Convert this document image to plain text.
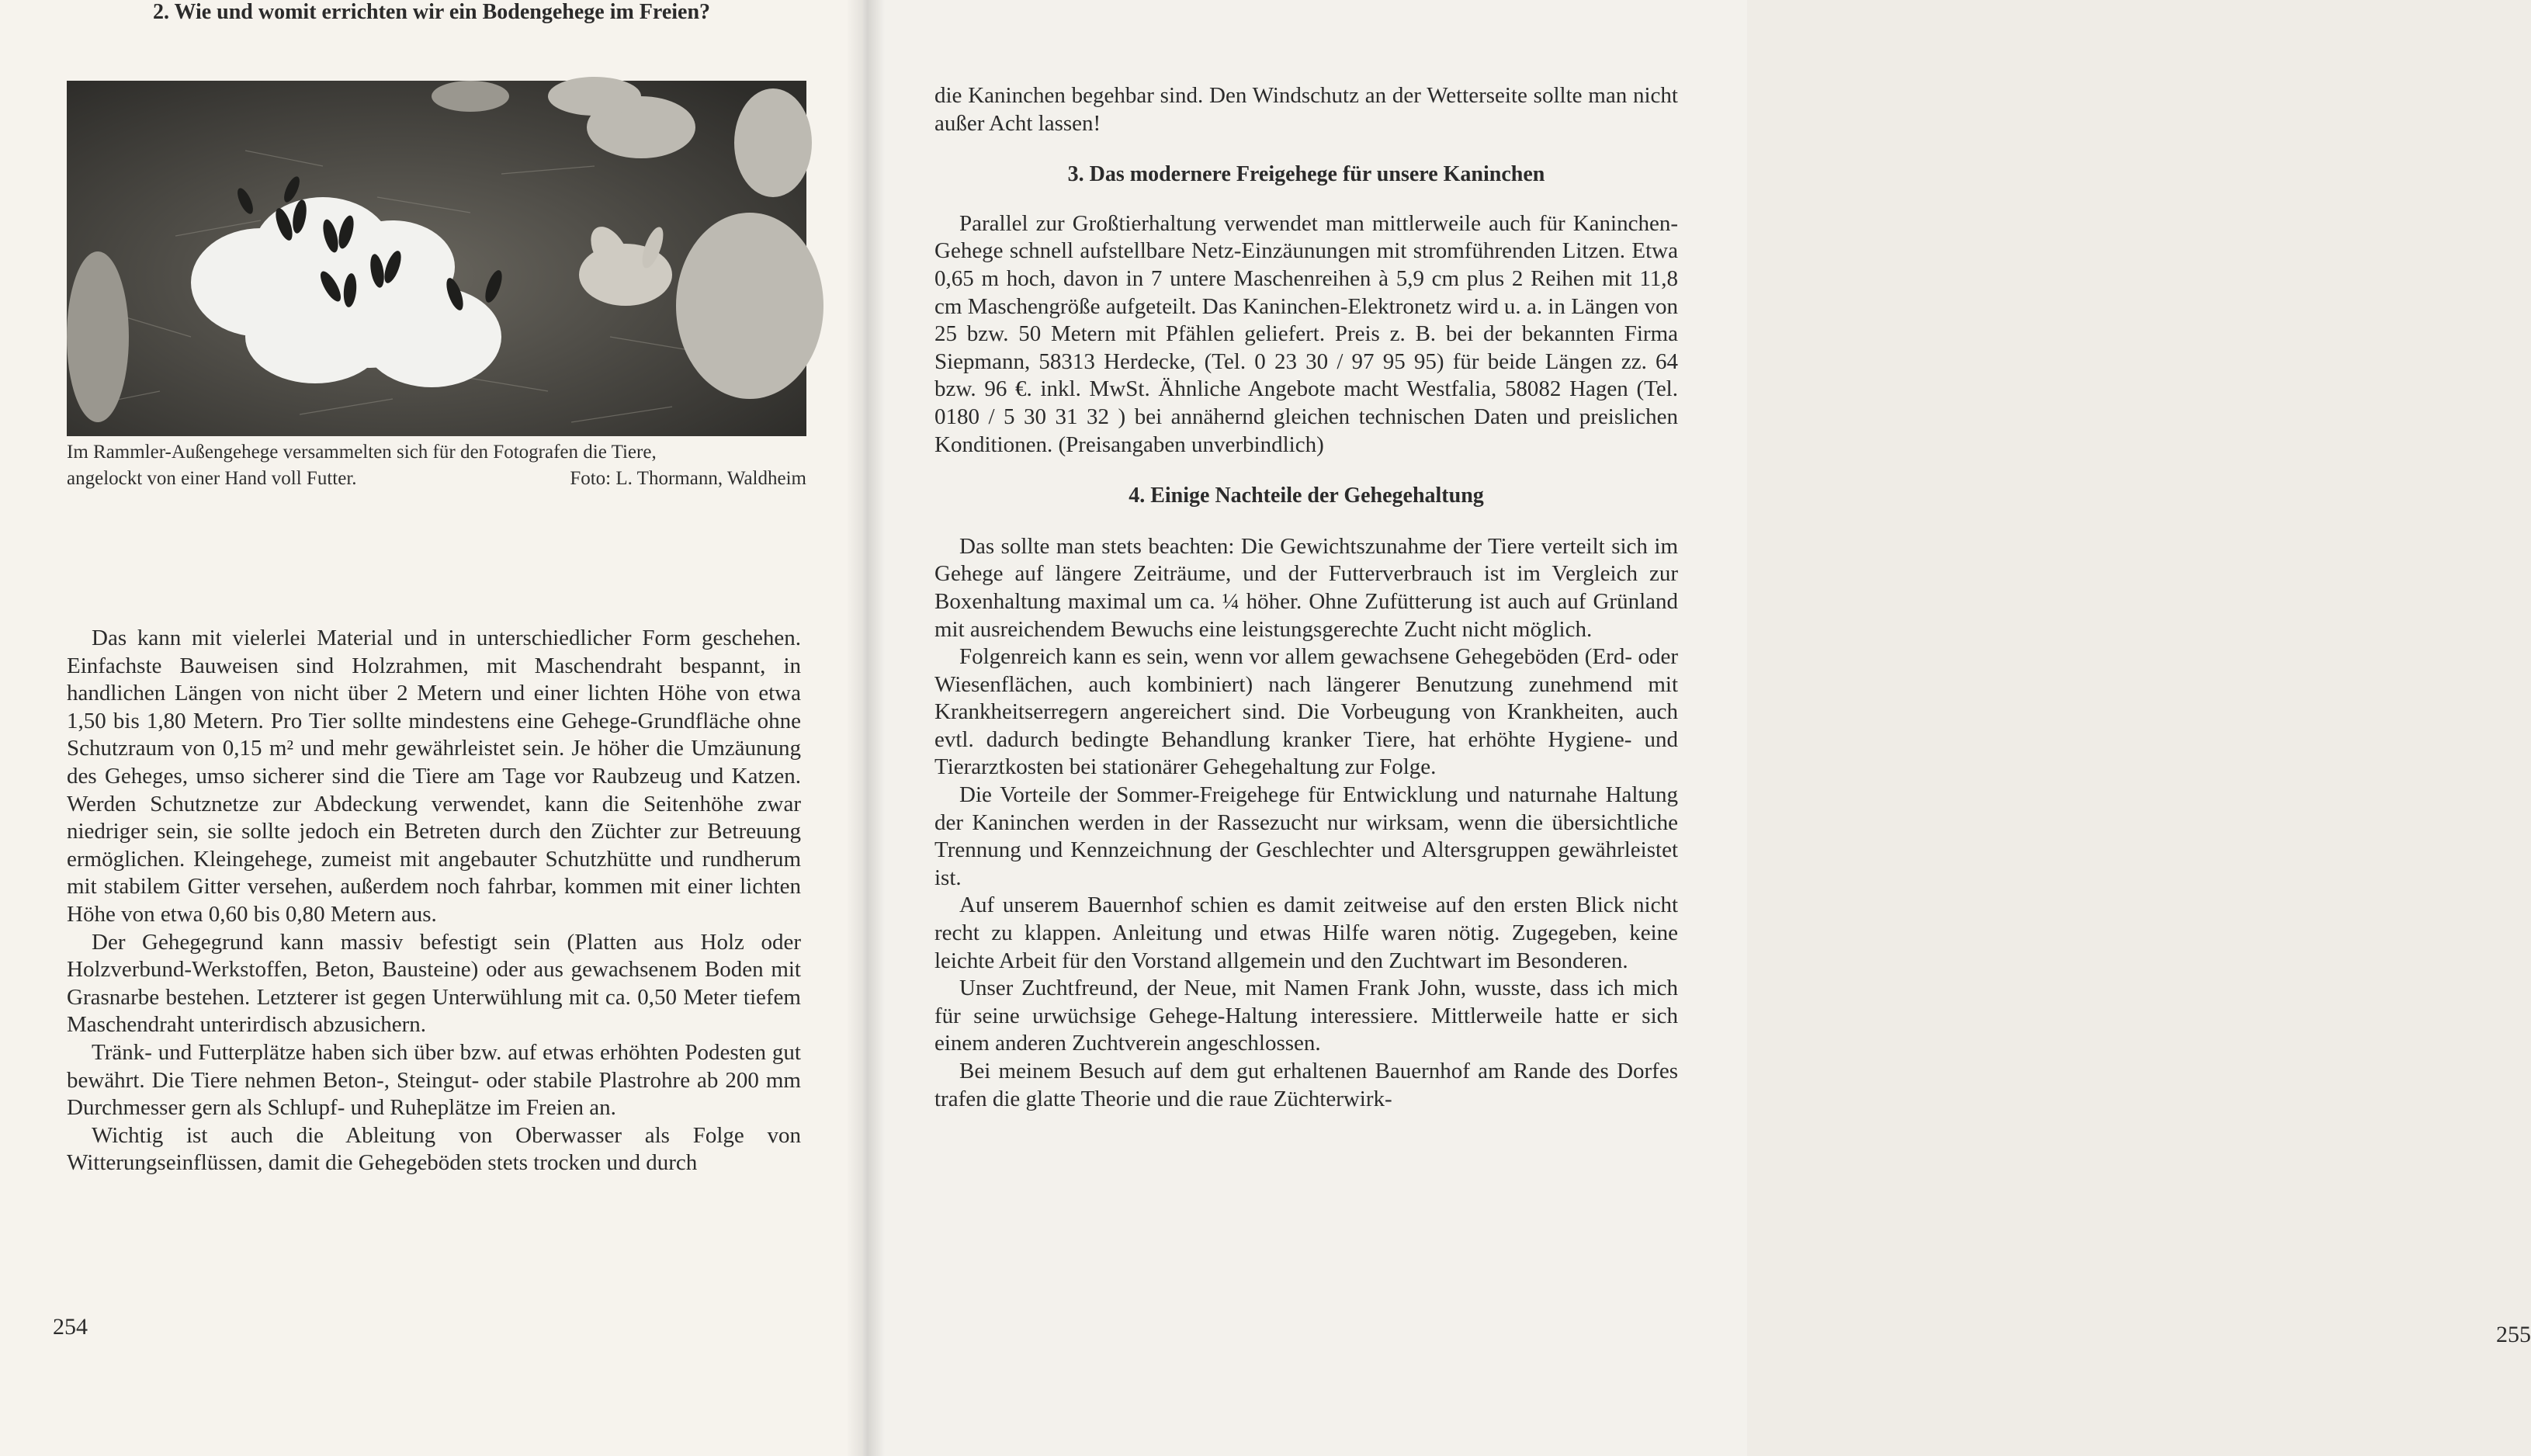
Im Rammler-Außengehege versammelten sich für den Fotografen die Tiere,
angelockt von einer Hand voll Futter.	Foto: L. Thormann, Waldheim
2. Wie und womit errichten wir ein Bodengehege im Freien?

Das kann mit vielerlei Material und in unterschiedlicher Form geschehen. Einfachste Bauweisen sind Holzrahmen, mit Maschendraht bespannt, in handlichen Längen von nicht über 2 Metern und einer lichten Höhe von etwa 1,50 bis 1,80 Metern. Pro Tier sollte mindestens eine Gehege-Grundfläche ohne Schutzraum von 0,15 m² und mehr gewährleistet sein. Je höher die Umzäunung des Geheges, umso sicherer sind die Tiere am Tage vor Raubzeug und Katzen. Werden Schutznetze zur Abdeckung verwendet, kann die Seitenhöhe zwar niedriger sein, sie sollte jedoch ein Betreten durch den Züchter zur Betreuung ermöglichen. Kleingehege, zumeist mit angebauter Schutzhütte und rundherum mit stabilem Gitter versehen, außerdem noch fahrbar, kommen mit einer lichten Höhe von etwa 0,60 bis 0,80 Metern aus.

Der Gehegegrund kann massiv befestigt sein (Platten aus Holz oder Holzverbund-Werkstoffen, Beton, Bausteine) oder aus gewachsenem Boden mit Grasnarbe bestehen. Letzterer ist gegen Unterwühlung mit ca. 0,50 Meter tiefem Maschendraht unterirdisch abzusichern.

Tränk- und Futterplätze haben sich über bzw. auf etwas erhöhten Podesten gut bewährt. Die Tiere nehmen Beton-, Steingut- oder stabile Plastrohre ab 200 mm Durchmesser gern als Schlupf- und Ruheplätze im Freien an.

Wichtig ist auch die Ableitung von Oberwasser als Folge von Witterungseinflüssen, damit die Gehegeböden stets trocken und durch

254	255

die Kaninchen begehbar sind. Den Windschutz an der Wetterseite sollte man nicht außer Acht lassen!

3. Das modernere Freigehege für unsere Kaninchen

Parallel zur Großtierhaltung verwendet man mittlerweile auch für Kaninchen-Gehege schnell aufstellbare Netz-Einzäunungen mit stromführenden Litzen. Etwa 0,65 m hoch, davon in 7 untere Maschenreihen à 5,9 cm plus 2 Reihen mit 11,8 cm Maschengröße aufgeteilt. Das Kaninchen-Elektronetz wird u. a. in Längen von 25 bzw. 50 Metern mit Pfählen geliefert. Preis z. B. bei der bekannten Firma Siepmann, 58313 Herdecke, (Tel. 0 23 30 / 97 95 95) für beide Längen zz. 64 bzw. 96 €. inkl. MwSt. Ähnliche Angebote macht Westfalia, 58082 Hagen (Tel. 0180 / 5 30 31 32 ) bei annähernd gleichen technischen Daten und preislichen Konditionen. (Preisangaben unverbindlich)

4. Einige Nachteile der Gehegehaltung

Das sollte man stets beachten: Die Gewichtszunahme der Tiere verteilt sich im Gehege auf längere Zeiträume, und der Futterverbrauch ist im Vergleich zur Boxenhaltung maximal um ca. ¼ höher. Ohne Zufütterung ist auch auf Grünland mit ausreichendem Bewuchs eine leistungsgerechte Zucht nicht möglich.

Folgenreich kann es sein, wenn vor allem gewachsene Gehegeböden (Erd- oder Wiesenflächen, auch kombiniert) nach längerer Benutzung zunehmend mit Krankheitserregern angereichert sind. Die Vorbeugung von Krankheiten, auch evtl. dadurch bedingte Behandlung kranker Tiere, hat erhöhte Hygiene- und Tierarztkosten bei stationärer Gehegehaltung zur Folge.

Die Vorteile der Sommer-Freigehege für Entwicklung und naturnahe Haltung der Kaninchen werden in der Rassezucht nur wirksam, wenn die übersichtliche Trennung und Kennzeichnung der Geschlechter und Altersgruppen gewährleistet ist.

Auf unserem Bauernhof schien es damit zeitweise auf den ersten Blick nicht recht zu klappen. Anleitung und etwas Hilfe waren nötig. Zugegeben, keine leichte Arbeit für den Vorstand allgemein und den Zuchtwart im Besonderen.

Unser Zuchtfreund, der Neue, mit Namen Frank John, wusste, dass ich mich für seine urwüchsige Gehege-Haltung interessiere. Mittlerweile hatte er sich einem anderen Zuchtverein angeschlossen.

Bei meinem Besuch auf dem gut erhaltenen Bauernhof am Rande des Dorfes trafen die glatte Theorie und die raue Züchterwirk-
